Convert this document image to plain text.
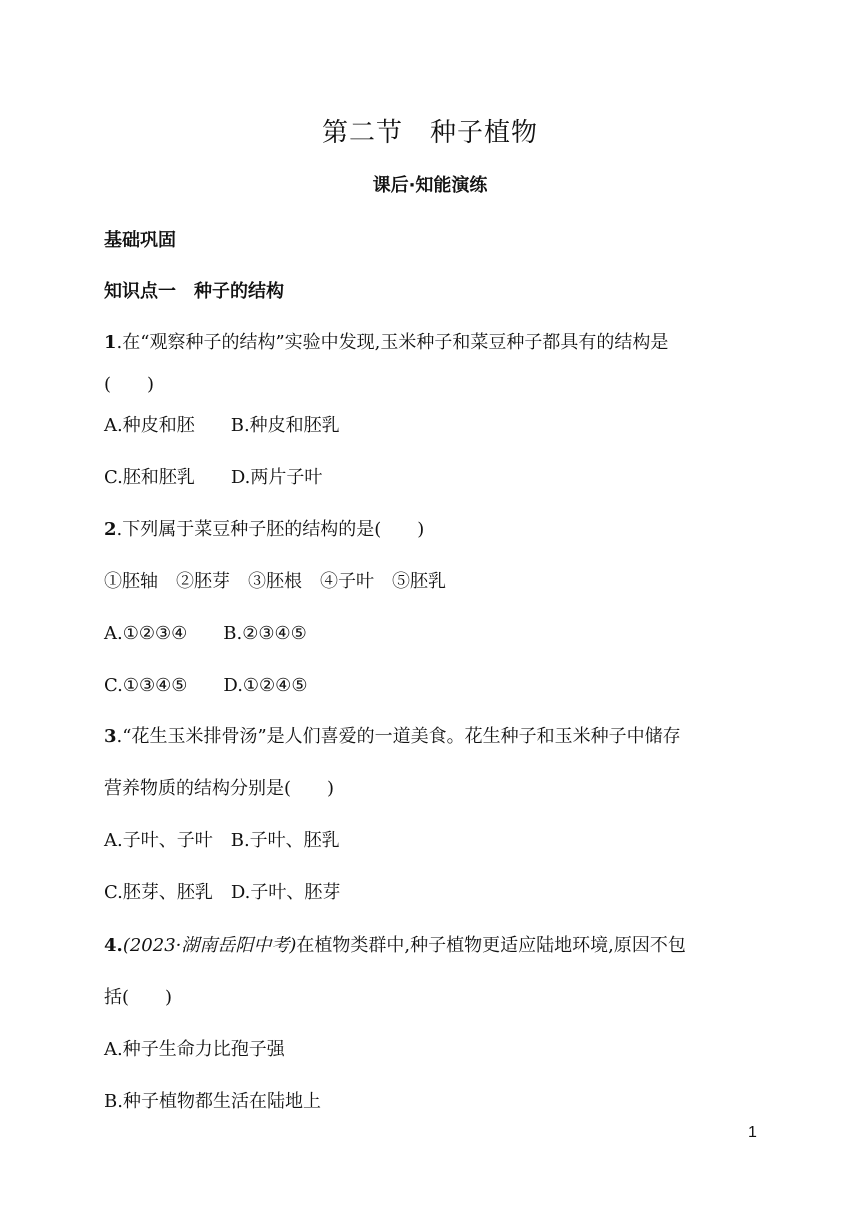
第二节　种子植物
课后·知能演练
基础巩固
知识点一　种子的结构
1.在“观察种子的结构”实验中发现,玉米种子和菜豆种子都具有的结构是
(　　)
A.种皮和胚　　B.种皮和胚乳
C.胚和胚乳　　D.两片子叶
2.下列属于菜豆种子胚的结构的是(　　)
①胚轴　②胚芽　③胚根　④子叶　⑤胚乳
A.①②③④　　B.②③④⑤
C.①③④⑤　　D.①②④⑤
3.“花生玉米排骨汤”是人们喜爱的一道美食。花生种子和玉米种子中储存
营养物质的结构分别是(　　)
A.子叶、子叶　B.子叶、胚乳
C.胚芽、胚乳　D.子叶、胚芽
4.(2023·湖南岳阳中考)在植物类群中,种子植物更适应陆地环境,原因不包
括(　　)
A.种子生命力比孢子强
B.种子植物都生活在陆地上
1
